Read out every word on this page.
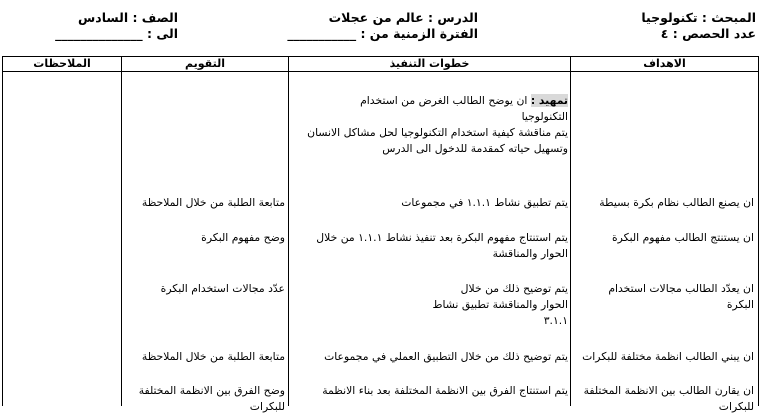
المبحث : تكنولوجيا
عدد الحصص : ٤
الدرس : عالم من عجلات
الفترة الزمنية من : ___________
الصف : السادس
الى : ______________
الاهداف
خطوات التنفيذ
التقويم
الملاحظات
تمهيد : ان يوضح الطالب الغرض من استخدام
التكنولوجيا
يتم مناقشة كيفية استخدام التكنولوجيا لحل مشاكل الانسان
وتسهيل حياته كمقدمة للدخول الى الدرس
ان يصنع الطالب نظام بكرة بسيطة
يتم تطبيق نشاط ١.١.١ في مجموعات
متابعة الطلبة من خلال الملاحظة
ان يستنتج الطالب مفهوم البكرة
يتم استنتاج مفهوم البكرة بعد تنفيذ نشاط ١.١.١ من خلال الحوار والمناقشة
وضح مفهوم البكرة
ان يعدّد الطالب مجالات استخدام البكرة
يتم توضيح ذلك من خلال الحوار والمناقشة تطبيق نشاط ٣.١.١
عدّد مجالات استخدام البكرة
ان يبني الطالب انظمة مختلفة للبكرات
يتم توضيح ذلك من خلال التطبيق العملي في مجموعات
متابعة الطلبة من خلال الملاحظة
ان يقارن الطالب بين الانظمة المختلفة للبكرات
يتم استنتاج الفرق بين الانظمة المختلفة بعد بناء الانظمة
وضح الفرق بين الانظمة المختلفة للبكرات
